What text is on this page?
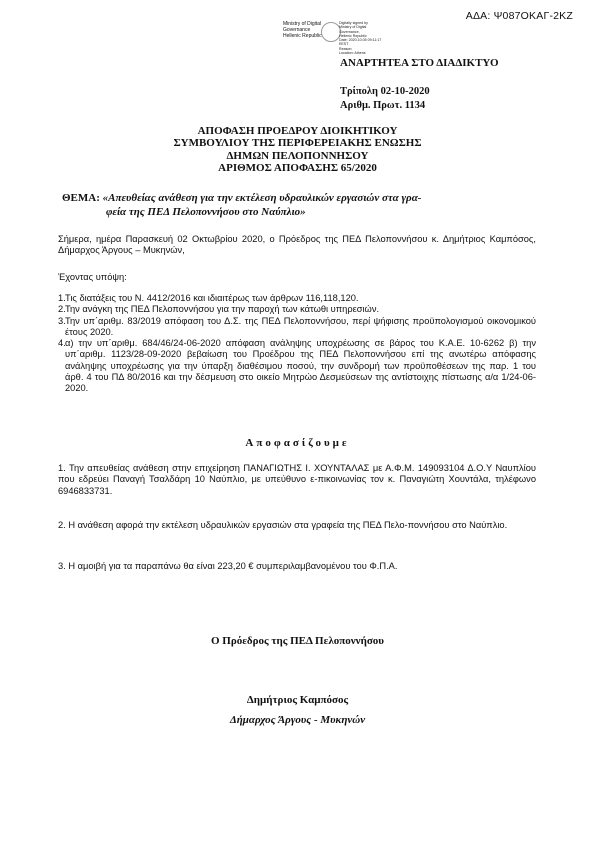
ΑΔΑ: Ψ087ΟΚΑΓ-2ΚΖ
Ministry of Digital
Governance
Hellenic Republic
Digitally signed by
Ministry of Digital
Governance,
Hellenic Republic
Date: 2020.10.05 09:11:17
EEST
Reason:
Location: Athens
ΑΝΑΡΤΗΤΕΑ ΣΤΟ ΔΙΑΔΙΚΤΥΟ
Τρίπολη 02-10-2020
Αριθμ. Πρωτ. 1134
ΑΠΟΦΑΣΗ ΠΡΟΕΔΡΟΥ ΔΙΟΙΚΗΤΙΚΟΥ
ΣΥΜΒΟΥΛΙΟΥ ΤΗΣ ΠΕΡΙΦΕΡΕΙΑΚΗΣ ΕΝΩΣΗΣ
ΔΗΜΩΝ ΠΕΛΟΠΟΝΝΗΣΟΥ
ΑΡΙΘΜΟΣ ΑΠΟΦΑΣΗΣ 65/2020
ΘΕΜΑ: «Απευθείας ανάθεση για την εκτέλεση υδραυλικών εργασιών στα γρα-
φεία της ΠΕΔ Πελοποννήσου στο Ναύπλιο»
Σήμερα, ημέρα Παρασκευή 02 Οκτωβρίου 2020, ο Πρόεδρος της ΠΕΔ Πελοποννήσου κ. Δημήτριος Καμπόσος, Δήμαρχος Άργους – Μυκηνών,
Έχοντας υπόψη:
1. Τις διατάξεις του Ν. 4412/2016 και ιδιαιτέρως των άρθρων 116,118,120.
2. Την ανάγκη της ΠΕΔ Πελοποννήσου για την παροχή των κάτωθι υπηρεσιών.
3. Την υπ΄αριθμ. 83/2019 απόφαση του Δ.Σ. της ΠΕΔ Πελοποννήσου, περί ψήφισης προϋπολογισμού οικονομικού έτους 2020.
4. α) την υπ΄αριθμ. 684/46/24-06-2020 απόφαση ανάληψης υποχρέωσης σε βάρος του Κ.Α.Ε. 10-6262 β) την υπ΄αριθμ. 1123/28-09-2020 βεβαίωση του Προέδρου της ΠΕΔ Πελοποννήσου επί της ανωτέρω απόφασης ανάληψης υποχρέωσης για την ύπαρξη διαθέσιμου ποσού, την συνδρομή των προϋποθέσεων της παρ. 1 του άρθ. 4 του ΠΔ 80/2016 και την δέσμευση στο οικείο Μητρώο Δεσμεύσεων της αντίστοιχης πίστωσης α/α 1/24-06-2020.
Αποφασίζουμε
1. Την απευθείας ανάθεση στην επιχείρηση ΠΑΝΑΓΙΩΤΗΣ Ι. ΧΟΥΝΤΑΛΑΣ με Α.Φ.Μ. 149093104 Δ.Ο.Υ Ναυπλίου που εδρεύει Παναγή Τσαλδάρη 10 Ναύπλιο, με υπεύθυνο ε-πικοινωνίας τον κ. Παναγιώτη Χουντάλα, τηλέφωνο 6946833731.
2. Η ανάθεση αφορά την εκτέλεση υδραυλικών εργασιών στα γραφεία της ΠΕΔ Πελο-ποννήσου στο Ναύπλιο.
3. Η αμοιβή για τα παραπάνω θα είναι 223,20 € συμπεριλαμβανομένου του Φ.Π.Α.
Ο Πρόεδρος της ΠΕΔ Πελοποννήσου
Δημήτριος Καμπόσος
Δήμαρχος Άργους - Μυκηνών
